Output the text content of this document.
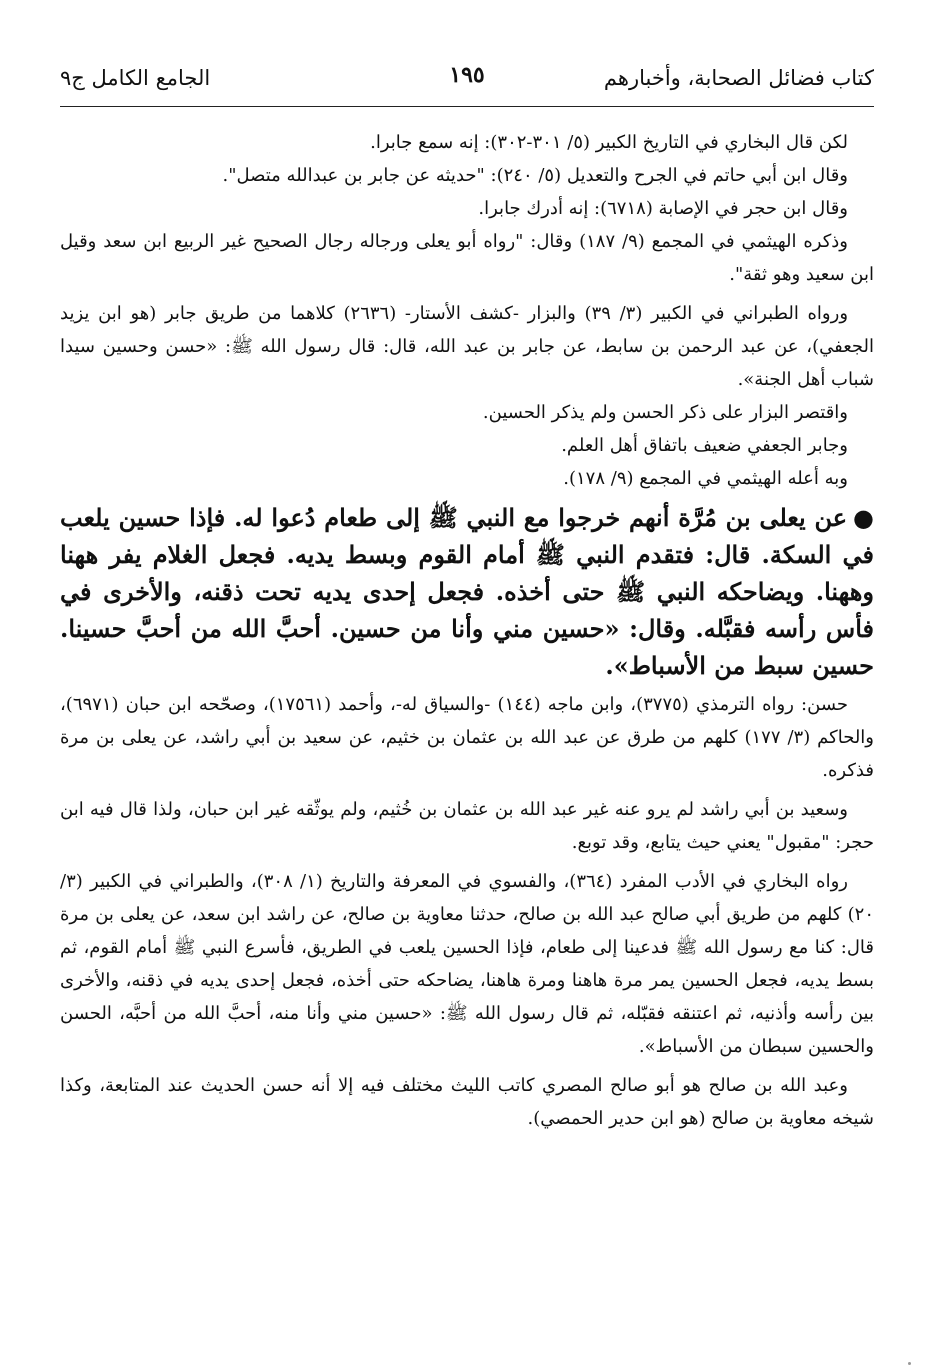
كتاب فضائل الصحابة، وأخبارهم
١٩٥
الجامع الكامل ج٩

لكن قال البخاري في التاريخ الكبير (٥/ ٣٠١-٣٠٢): إنه سمع جابرا.

وقال ابن أبي حاتم في الجرح والتعديل (٥/ ٢٤٠): "حديثه عن جابر بن عبدالله متصل".

وقال ابن حجر في الإصابة (٦٧١٨): إنه أدرك جابرا.

وذكره الهيثمي في المجمع (٩/ ١٨٧) وقال: "رواه أبو يعلى ورجاله رجال الصحيح غير الربيع ابن سعد وقيل ابن سعيد وهو ثقة".

ورواه الطبراني في الكبير (٣/ ٣٩) والبزار -كشف الأستار- (٢٦٣٦) كلاهما من طريق جابر (هو ابن يزيد الجعفي)، عن عبد الرحمن بن سابط، عن جابر بن عبد الله، قال: قال رسول الله ﷺ: «حسن وحسين سيدا شباب أهل الجنة».

واقتصر البزار على ذكر الحسن ولم يذكر الحسين.

وجابر الجعفي ضعيف باتفاق أهل العلم.

وبه أعله الهيثمي في المجمع (٩/ ١٧٨).

●عن يعلى بن مُرَّة أنهم خرجوا مع النبي ﷺ إلى طعام دُعوا له. فإذا حسين يلعب في السكة. قال: فتقدم النبي ﷺ أمام القوم وبسط يديه. فجعل الغلام يفر ههنا وههنا. ويضاحكه النبي ﷺ حتى أخذه. فجعل إحدى يديه تحت ذقنه، والأخرى في فأس رأسه فقبَّله. وقال: «حسين مني وأنا من حسين. أحبَّ الله من أحبَّ حسينا. حسين سبط من الأسباط».

حسن: رواه الترمذي (٣٧٧٥)، وابن ماجه (١٤٤) -والسياق له-، وأحمد (١٧٥٦١)، وصحّحه ابن حبان (٦٩٧١)، والحاكم (٣/ ١٧٧) كلهم من طرق عن عبد الله بن عثمان بن خثيم، عن سعيد بن أبي راشد، عن يعلى بن مرة فذكره.

وسعيد بن أبي راشد لم يرو عنه غير عبد الله بن عثمان بن خُثيم، ولم يوثّقه غير ابن حبان، ولذا قال فيه ابن حجر: "مقبول" يعني حيث يتابع، وقد توبع.

رواه البخاري في الأدب المفرد (٣٦٤)، والفسوي في المعرفة والتاريخ (١/ ٣٠٨)، والطبراني في الكبير (٣/ ٢٠) كلهم من طريق أبي صالح عبد الله بن صالح، حدثنا معاوية بن صالح، عن راشد ابن سعد، عن يعلى بن مرة قال: كنا مع رسول الله ﷺ فدعينا إلى طعام، فإذا الحسين يلعب في الطريق، فأسرع النبي ﷺ أمام القوم، ثم بسط يديه، فجعل الحسين يمر مرة هاهنا ومرة هاهنا، يضاحكه حتى أخذه، فجعل إحدى يديه في ذقنه، والأخرى بين رأسه وأذنيه، ثم اعتنقه فقبّله، ثم قال رسول الله ﷺ: «حسين مني وأنا منه، أحبَّ الله من أحبَّه، الحسن والحسين سبطان من الأسباط».

وعبد الله بن صالح هو أبو صالح المصري كاتب الليث مختلف فيه إلا أنه حسن الحديث عند المتابعة، وكذا شيخه معاوية بن صالح (هو ابن حدير الحمصي).
